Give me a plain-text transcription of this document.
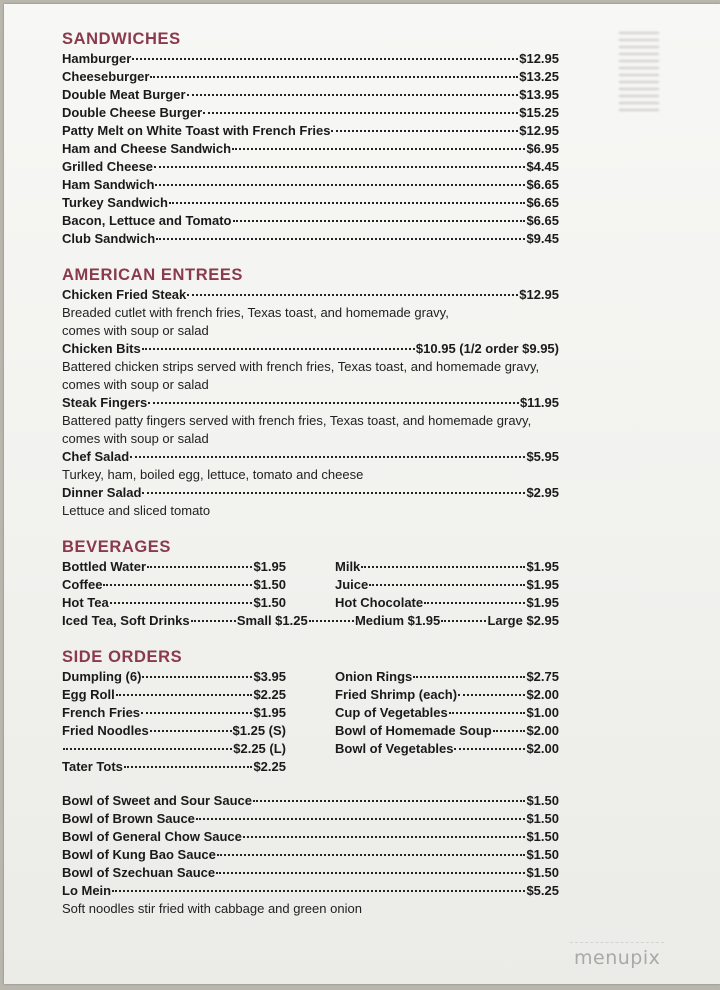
SANDWICHES
Hamburger	$12.95
Cheeseburger	$13.25
Double Meat Burger	$13.95
Double Cheese Burger	$15.25
Patty Melt on White Toast with French Fries	$12.95
Ham and Cheese Sandwich	$6.95
Grilled Cheese	$4.45
Ham Sandwich	$6.65
Turkey Sandwich	$6.65
Bacon, Lettuce and Tomato	$6.65
Club Sandwich	$9.45
AMERICAN ENTREES
Chicken Fried Steak	$12.95
Breaded cutlet with french fries, Texas toast, and homemade gravy,
comes with soup or salad
Chicken Bits	$10.95 (1/2 order $9.95)
Battered chicken strips served with french fries, Texas toast, and homemade gravy,
comes with soup or salad
Steak Fingers	$11.95
Battered patty fingers served with french fries, Texas toast, and homemade gravy,
comes with soup or salad
Chef Salad	$5.95
Turkey, ham, boiled egg, lettuce, tomato and cheese
Dinner Salad	$2.95
Lettuce and sliced tomato
BEVERAGES
Bottled Water	$1.95
Coffee	$1.50
Hot Tea	$1.50
Milk	$1.95
Juice	$1.95
Hot Chocolate	$1.95
Iced Tea, Soft Drinks	Small $1.25	Medium $1.95	Large $2.95
SIDE ORDERS
Dumpling (6)	$3.95
Egg Roll	$2.25
French Fries	$1.95
Fried Noodles	$1.25 (S)
$2.25 (L)
Tater Tots	$2.25
Onion Rings	$2.75
Fried Shrimp (each)	$2.00
Cup of Vegetables	$1.00
Bowl of Homemade Soup	$2.00
Bowl of Vegetables	$2.00
Bowl of Sweet and Sour Sauce	$1.50
Bowl of Brown Sauce	$1.50
Bowl of General Chow Sauce	$1.50
Bowl of Kung Bao Sauce	$1.50
Bowl of Szechuan Sauce	$1.50
Lo Mein	$5.25
Soft noodles stir fried with cabbage and green onion
menupix
